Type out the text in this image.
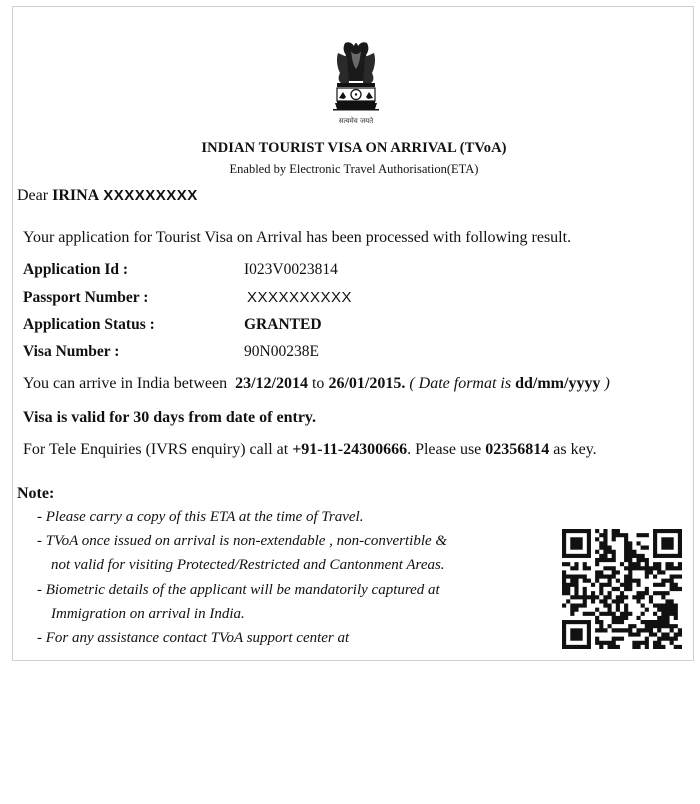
सत्यमेव जयते
INDIAN TOURIST VISA ON ARRIVAL (TVoA)
Enabled by Electronic Travel Authorisation(ETA)
Dear IRINA XXXXXXXXX
Your application for Tourist Visa on Arrival has been processed with following result.
Application Id :	I023V0023814
Passport Number :	XXXXXXXXXX
Application Status :	GRANTED
Visa Number :	90N00238E
You can arrive in India between 23/12/2014 to 26/01/2015. ( Date format is dd/mm/yyyy )
Visa is valid for 30 days from date of entry.
For Tele Enquiries (IVRS enquiry) call at +91-11-24300666. Please use 02356814 as key.
Note:
- Please carry a copy of this ETA at the time of Travel.
- TVoA once issued on arrival is non-extendable , non-convertible &
not valid for visiting Protected/Restricted and Cantonment Areas.
- Biometric details of the applicant will be mandatorily captured at
Immigration on arrival in India.
- For any assistance contact TVoA support center at
